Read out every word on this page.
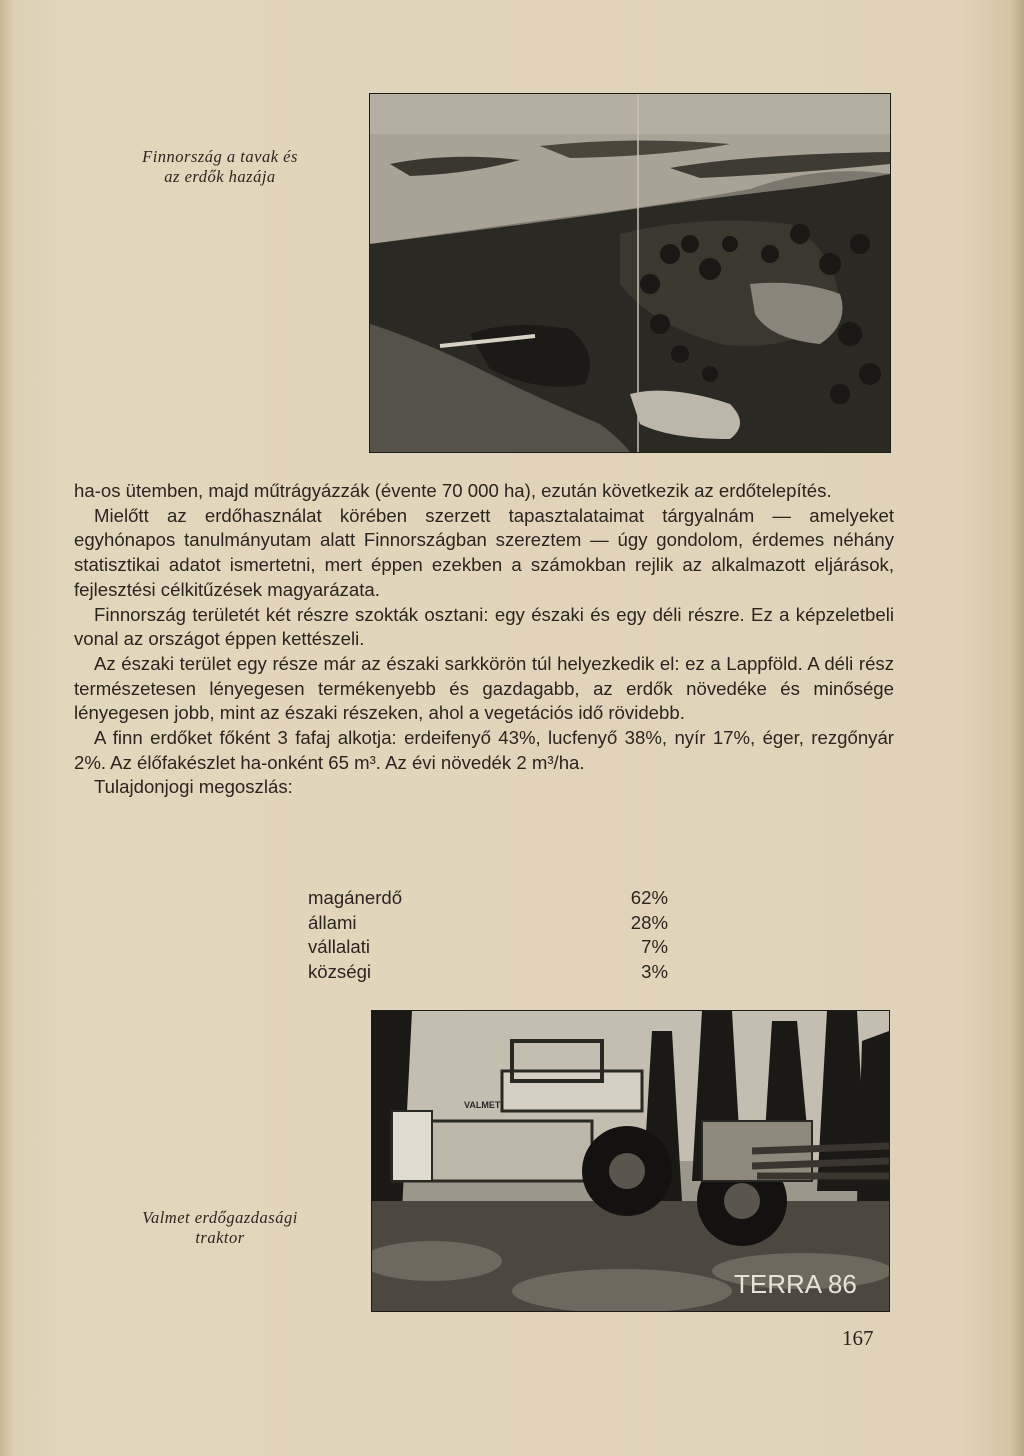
Finnország a tavak és
az erdők hazája

ha-os ütemben, majd műtrágyázzák (évente 70 000 ha), ezután következik az erdőtelepítés.

Mielőtt az erdőhasználat körében szerzett tapasztalataimat tárgyalnám — amelyeket egyhónapos tanulmányutam alatt Finnországban szereztem — úgy gondolom, érdemes néhány statisztikai adatot ismertetni, mert éppen ezekben a számokban rejlik az alkalmazott eljárások, fejlesztési célkitűzések magyarázata.

Finnország területét két részre szokták osztani: egy északi és egy déli részre. Ez a képzeletbeli vonal az országot éppen kettészeli.

Az északi terület egy része már az északi sarkkörön túl helyezkedik el: ez a Lappföld. A déli rész természetesen lényegesen termékenyebb és gazdagabb, az erdők növedéke és minősége lényegesen jobb, mint az északi részeken, ahol a vegetációs idő rövidebb.

A finn erdőket főként 3 fafaj alkotja: erdeifenyő 43%, lucfenyő 38%, nyír 17%, éger, rezgőnyár 2%. Az élőfakészlet ha-onként 65 m³. Az évi növedék 2 m³/ha.

Tulajdonjogi megoszlás:

magánerdő	62%
állami	28%
vállalati	7%
községi	3%
VALMET
TERRA 86
Valmet erdőgazdasági
traktor
167
